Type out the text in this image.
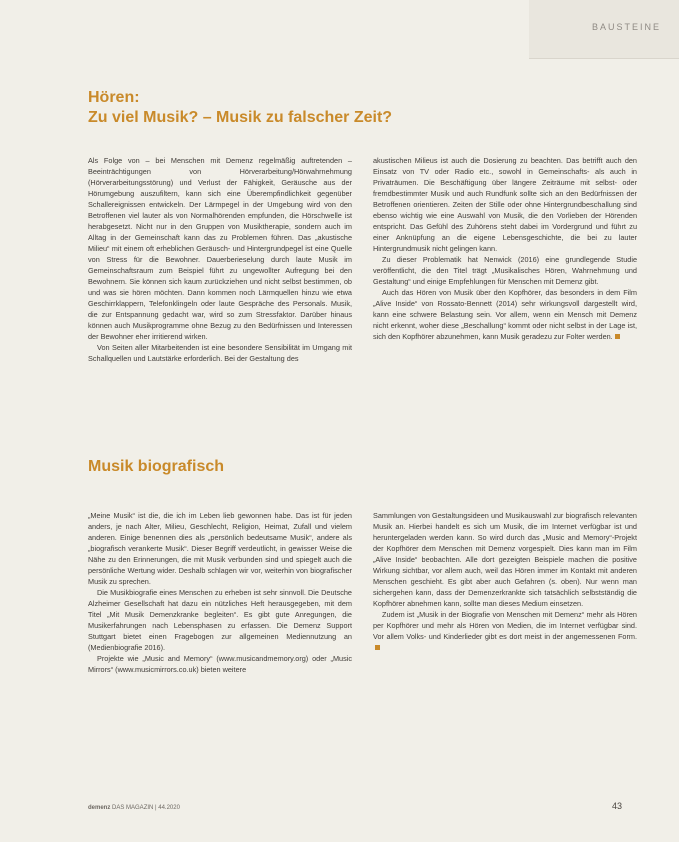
BAUSTEINE
Hören:
Zu viel Musik? – Musik zu falscher Zeit?

Als Folge von – bei Menschen mit Demenz regelmäßig auftretenden – Beeinträchtigungen von Hörverarbeitung/Hörwahrnehmung (Hörverarbeitungsstörung) und Verlust der Fähigkeit, Geräusche aus der Hörumgebung auszufiltern, kann sich eine Überempfindlichkeit gegenüber Schallereignissen entwickeln. Der Lärmpegel in der Umgebung wird von den Betroffenen viel lauter als von Normalhörenden empfunden, die Hörschwelle ist herabgesetzt. Nicht nur in den Gruppen von Musiktherapie, sondern auch im Alltag in der Gemeinschaft kann das zu Problemen führen. Das „akustische Milieu“ mit einem oft erheblichen Geräusch- und Hintergrundpegel ist eine Quelle von Stress für die Bewohner. Dauerberieselung durch laute Musik im Gemeinschaftsraum zum Beispiel führt zu ungewollter Aufregung bei den Bewohnern. Sie können sich kaum zurückziehen und nicht selbst bestimmen, ob und was sie hören möchten. Dann kommen noch Lärmquellen hinzu wie etwa Geschirrklappern, Telefonklingeln oder laute Gespräche des Personals. Musik, die zur Entspannung gedacht war, wird so zum Stressfaktor. Darüber hinaus können auch Musikprogramme ohne Bezug zu den Bedürfnissen und Interessen der Bewohner eher irritierend wirken.

Von Seiten aller Mitarbeitenden ist eine besondere Sensibilität im Umgang mit Schallquellen und Lautstärke erforderlich. Bei der Gestaltung des

akustischen Milieus ist auch die Dosierung zu beachten. Das betrifft auch den Einsatz von TV oder Radio etc., sowohl in Gemeinschafts- als auch in Privaträumen. Die Beschäftigung über längere Zeiträume mit selbst- oder fremdbestimmter Musik und auch Rundfunk sollte sich an den Bedürfnissen der Betroffenen orientieren. Zeiten der Stille oder ohne Hintergrundbeschallung sind ebenso wichtig wie eine Auswahl von Musik, die den Vorlieben der Hörenden entspricht. Das Gefühl des Zuhörens steht dabei im Vordergrund und führt zu einer Anknüpfung an die eigene Lebensgeschichte, die bei zu lauter Hintergrundmusik nicht gelingen kann.

Zu dieser Problematik hat Nenwick (2016) eine grundlegende Studie veröffentlicht, die den Titel trägt „Musikalisches Hören, Wahrnehmung und Gestaltung“ und einige Empfehlungen für Menschen mit Demenz gibt.

Auch das Hören von Musik über den Kopfhörer, das besonders in dem Film „Alive Inside“ von Rossato-Bennett (2014) sehr wirkungsvoll dargestellt wird, kann eine schwere Belastung sein. Vor allem, wenn ein Mensch mit Demenz nicht erkennt, woher diese „Beschallung“ kommt oder nicht selbst in der Lage ist, sich den Kopfhörer abzunehmen, kann Musik geradezu zur Folter werden.

Musik biografisch

„Meine Musik“ ist die, die ich im Leben lieb gewonnen habe. Das ist für jeden anders, je nach Alter, Milieu, Geschlecht, Religion, Heimat, Zufall und vielem anderen. Einige benennen dies als „persönlich bedeutsame Musik“, andere als „biografisch verankerte Musik“. Dieser Begriff verdeutlicht, in gewisser Weise die Nähe zu den Erinnerungen, die mit Musik verbunden sind und spiegelt auch die persönliche Wertung wider. Deshalb schlagen wir vor, weiterhin von biografischer Musik zu sprechen.

Die Musikbiografie eines Menschen zu erheben ist sehr sinnvoll. Die Deutsche Alzheimer Gesellschaft hat dazu ein nützliches Heft herausgegeben, mit dem Titel „Mit Musik Demenzkranke begleiten“. Es gibt gute Anregungen, die Musikerfahrungen nach Lebensphasen zu erfassen. Die Demenz Support Stuttgart bietet einen Fragebogen zur allgemeinen Mediennutzung an (Medienbiografie 2016).

Projekte wie „Music and Memory“ (www.musicandmemory.org) oder „Music Mirrors“ (www.musicmirrors.co.uk) bieten weitere

Sammlungen von Gestaltungsideen und Musikauswahl zur biografisch relevanten Musik an. Hierbei handelt es sich um Musik, die im Internet verfügbar ist und heruntergeladen werden kann. So wird durch das „Music and Memory“-Projekt der Kopfhörer dem Menschen mit Demenz vorgespielt. Dies kann man im Film „Alive Inside“ beobachten. Alle dort gezeigten Beispiele machen die positive Wirkung sichtbar, vor allem auch, weil das Hören immer im Kontakt mit anderen Menschen geschieht. Es gibt aber auch Gefahren (s. oben). Nur wenn man sichergehen kann, dass der Demenzerkrankte sich tatsächlich selbstständig die Kopfhörer abnehmen kann, sollte man dieses Medium einsetzen.

Zudem ist „Musik in der Biografie von Menschen mit Demenz“ mehr als Hören per Kopfhörer und mehr als Hören von Medien, die im Internet verfügbar sind. Vor allem Volks- und Kinderlieder gibt es dort meist in der angemessenen Form.

demenz DAS MAGAZIN | 44.2020	43
